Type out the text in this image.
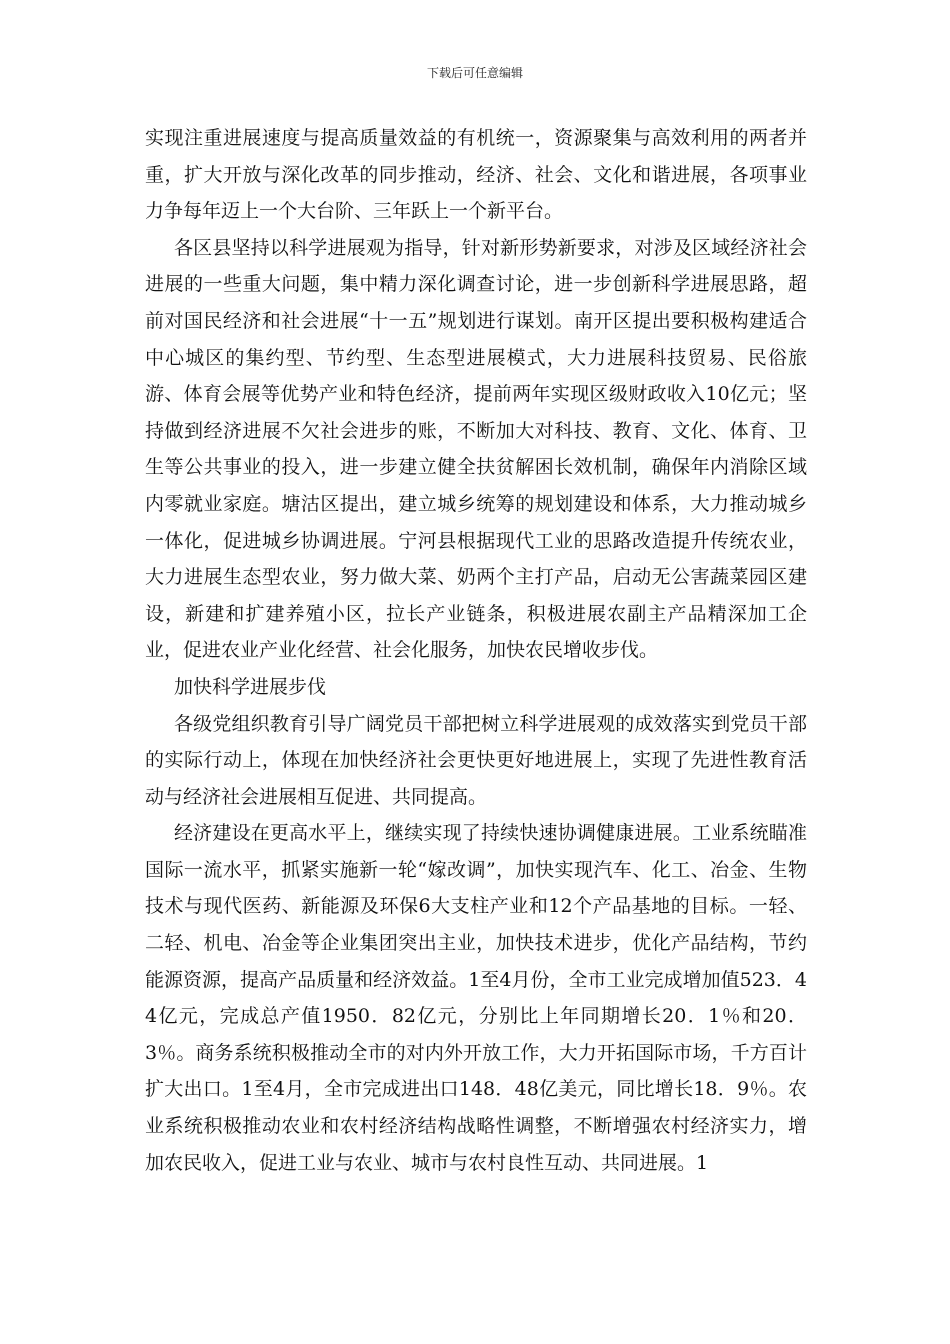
下载后可任意编辑

实现注重进展速度与提高质量效益的有机统一，资源聚集与高效利用的两者并重，扩大开放与深化改革的同步推动，经济、社会、文化和谐进展，各项事业力争每年迈上一个大台阶、三年跃上一个新平台。

各区县坚持以科学进展观为指导，针对新形势新要求，对涉及区域经济社会进展的一些重大问题，集中精力深化调查讨论，进一步创新科学进展思路，超前对国民经济和社会进展“十一五”规划进行谋划。南开区提出要积极构建适合中心城区的集约型、节约型、生态型进展模式，大力进展科技贸易、民俗旅游、体育会展等优势产业和特色经济，提前两年实现区级财政收入10亿元；坚持做到经济进展不欠社会进步的账，不断加大对科技、教育、文化、体育、卫生等公共事业的投入，进一步建立健全扶贫解困长效机制，确保年内消除区域内零就业家庭。塘沽区提出，建立城乡统筹的规划建设和体系，大力推动城乡一体化，促进城乡协调进展。宁河县根据现代工业的思路改造提升传统农业，大力进展生态型农业，努力做大菜、奶两个主打产品，启动无公害蔬菜园区建设，新建和扩建养殖小区，拉长产业链条，积极进展农副主产品精深加工企业，促进农业产业化经营、社会化服务，加快农民增收步伐。

加快科学进展步伐

各级党组织教育引导广阔党员干部把树立科学进展观的成效落实到党员干部的实际行动上，体现在加快经济社会更快更好地进展上，实现了先进性教育活动与经济社会进展相互促进、共同提高。

经济建设在更高水平上，继续实现了持续快速协调健康进展。工业系统瞄准国际一流水平，抓紧实施新一轮“嫁改调”，加快实现汽车、化工、冶金、生物技术与现代医药、新能源及环保6大支柱产业和12个产品基地的目标。一轻、二轻、机电、冶金等企业集团突出主业，加快技术进步，优化产品结构，节约能源资源，提高产品质量和经济效益。1至4月份，全市工业完成增加值523．44亿元，完成总产值1950．82亿元，分别比上年同期增长20．1％和20．3％。商务系统积极推动全市的对内外开放工作，大力开拓国际市场，千方百计扩大出口。1至4月，全市完成进出口148．48亿美元，同比增长18．9％。农业系统积极推动农业和农村经济结构战略性调整，不断增强农村经济实力，增加农民收入，促进工业与农业、城市与农村良性互动、共同进展。1
